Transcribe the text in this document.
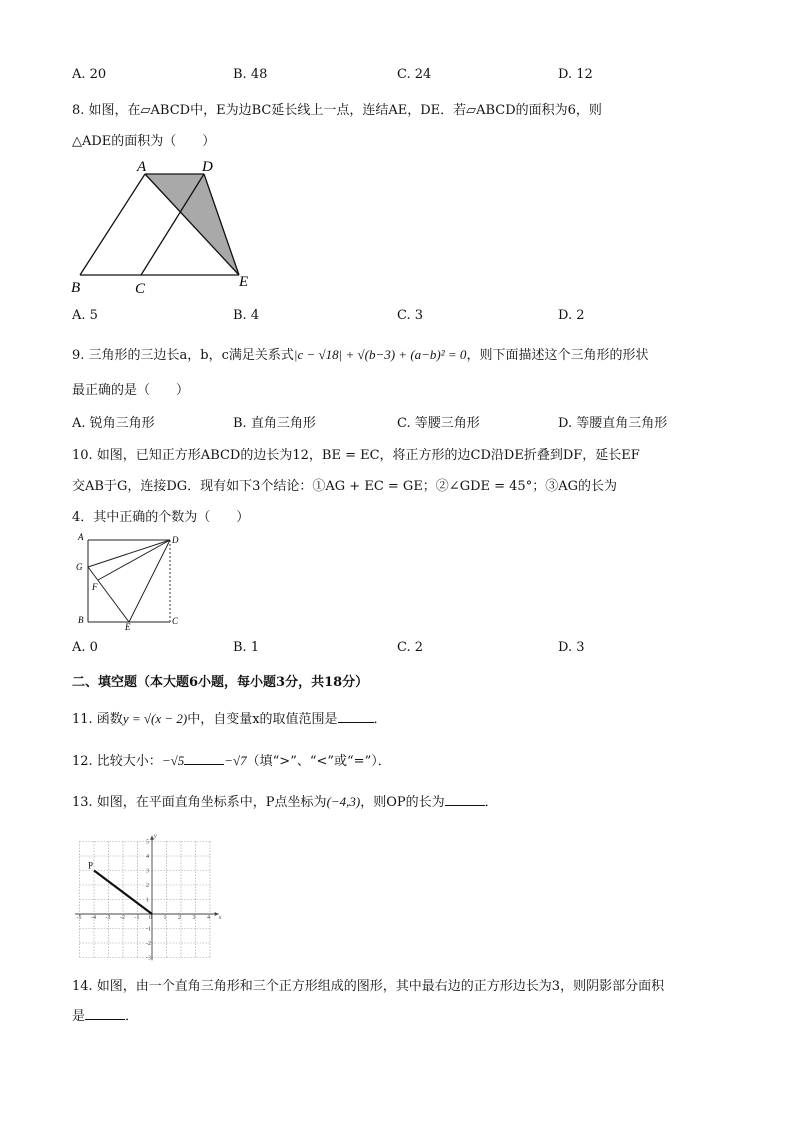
A. 20	B. 48	C. 24	D. 12
8. 如图，在▱ABCD中，E为边BC延长线上一点，连结AE，DE．若▱ABCD的面积为6，则
△ADE的面积为（　　）
A	D
B	C	E
A. 5	B. 4	C. 3	D. 2
9. 三角形的三边长a，b，c满足关系式|c − √18| + √(b−3) + (a−b)² = 0，则下面描述这个三角形的形状
最正确的是（　　）
A. 锐角三角形	B. 直角三角形	C. 等腰三角形	D. 等腰直角三角形
10. 如图，已知正方形ABCD的边长为12，BE = EC，将正方形的边CD沿DE折叠到DF，延长EF
交AB于G，连接DG．现有如下3个结论：①AG + EC = GE；②∠GDE = 45°；③AG的长为
4．其中正确的个数为（　　）
A	D
G
F
B
E
C
A. 0	B. 1	C. 2	D. 3
二、填空题（本大题6小题，每小题3分，共18分）
11. 函数y = √(x − 2)中，自变量x的取值范围是	．
12. 比较大小：−√5	−√7（填“>”、“<”或“=”）．
13. 如图，在平面直角坐标系中，P点坐标为(−4,3)，则OP的长为	．
-5 -4 -3 -2 -1 0 1 2 3 4
5
4
3
2
1
-1
-2
-3
x
y
P
14. 如图，由一个直角三角形和三个正方形组成的图形，其中最右边的正方形边长为3，则阴影部分面积
是	．
